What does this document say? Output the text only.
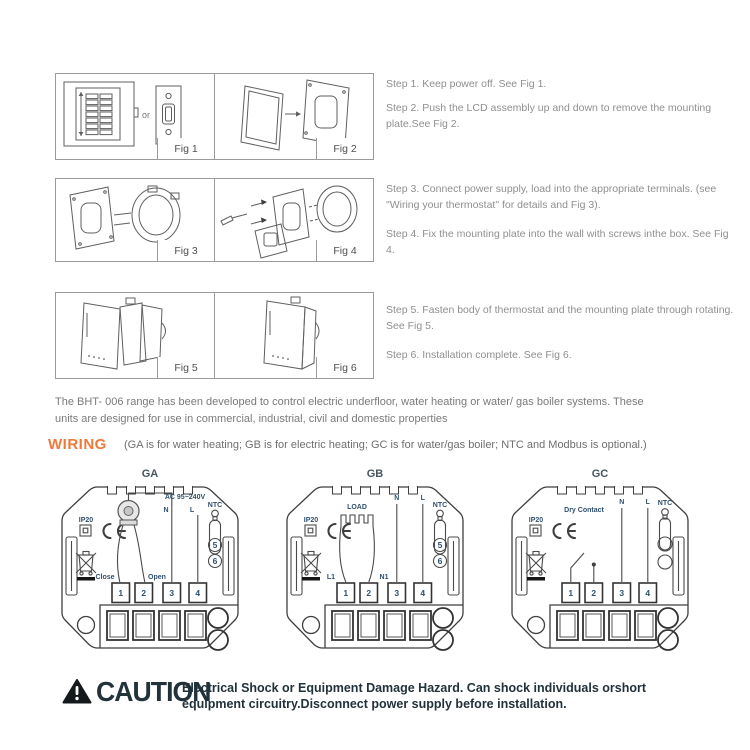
or
Fig 1	Fig 2
Fig 3	Fig 4
Fig 5	Fig 6
Step 1. Keep power off. See Fig 1.
Step 2. Push the LCD assembly up and down to remove the mounting plate.See Fig 2.
Step 3. Connect power supply, load into the appropriate terminals. (see "Wiring your thermostat" for details and Fig 3).
Step 4. Fix the mounting plate into the wall with screws inthe box. See Fig 4.
Step 5. Fasten body of thermostat and the mounting plate through rotating. See Fig 5.
Step 6. Installation complete. See Fig 6.
The BHT- 006 range has been developed to control electric underfloor, water heating or water/ gas boiler systems. These units are designed for use in commercial, industrial, civil and domestic properties
WIRING (GA is for water heating; GB is for electric heating; GC is for water/gas boiler; NTC and Modbus is optional.)
GA
IP20
AC 95~240V
N	L
Close	Open
1 2	3	4
NTC
5
6
GB
IP20
LOAD
L1	N1
N	L
1 2	3	4
NTC
5
6
GC
IP20
Dry Contact
N	L
1 2	3	4
NTC
CAUTION
Electrical Shock or Equipment Damage Hazard. Can shock individuals orshort
equipment circuitry.Disconnect power supply before installation.
